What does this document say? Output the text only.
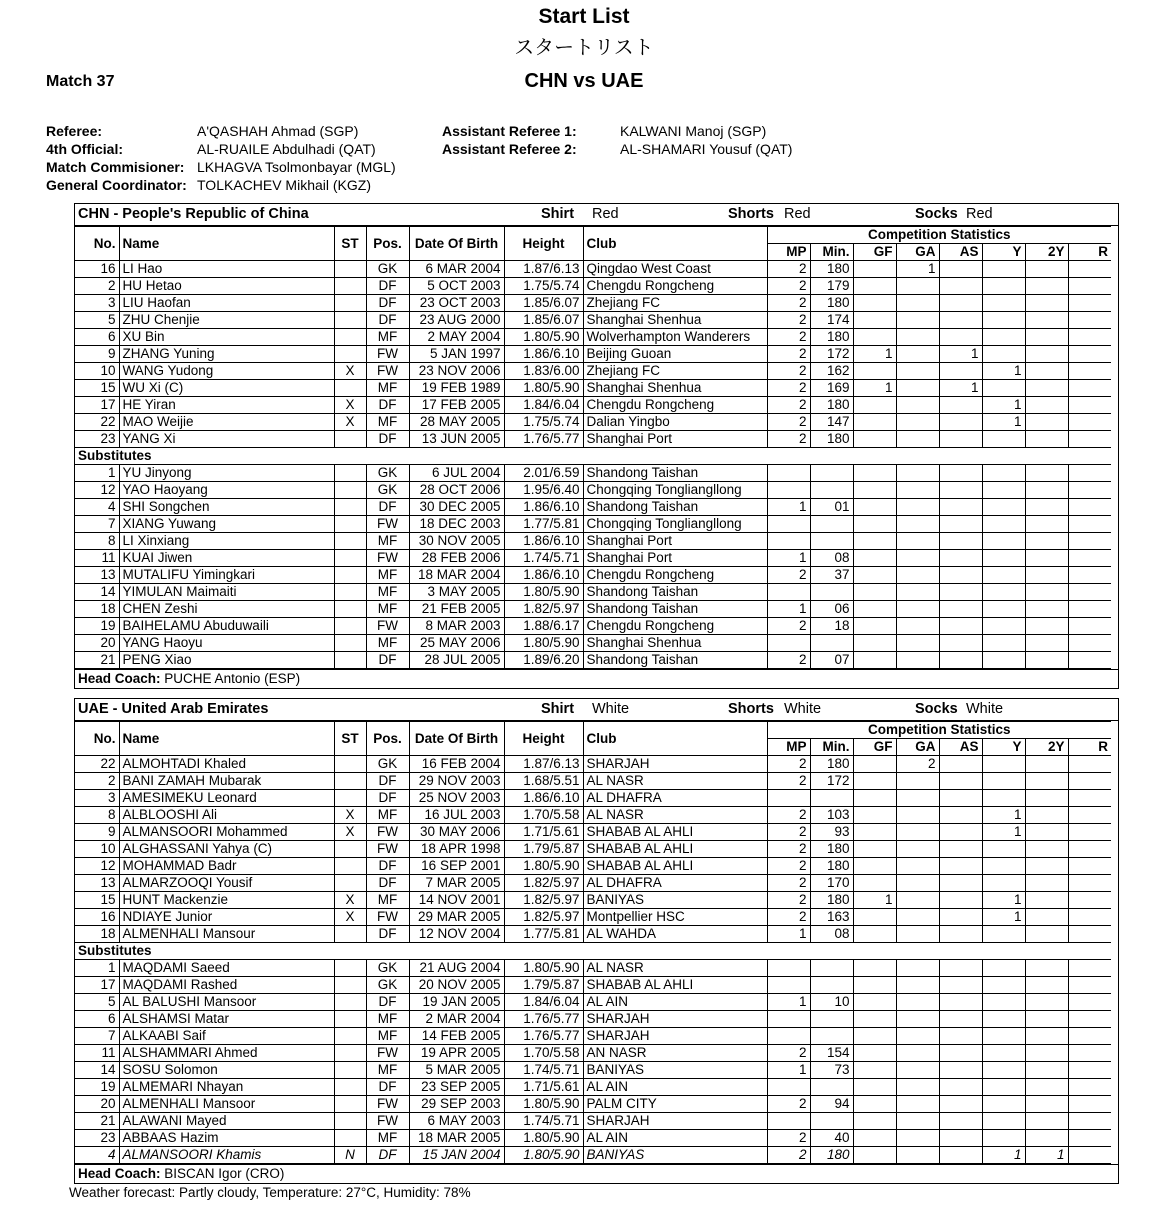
Start List
スタートリスト
Match 37	CHN vs UAE
Referee:	A'QASHAH Ahmad (SGP)
4th Official:	AL-RUAILE Abdulhadi (QAT)
Match Commisioner: LKHAGVA Tsolmonbayar (MGL)
General Coordinator: TOLKACHEV Mikhail (KGZ)
Assistant Referee 1:	KALWANI Manoj (SGP)
Assistant Referee 2:	AL-SHAMARI Yousuf (QAT)
CHN - People's Republic of China	Shirt Red	Shorts Red	Socks Red
No.	Name	ST	Pos.	Date Of Birth	Height	Club	Competition Statistics							
							MP	Min.	GF	GA	AS	Y	2Y	R
16	LI Hao		GK	6 MAR 2004	1.87/6.13	Qingdao West Coast	2	180		1				
2	HU Hetao		DF	5 OCT 2003	1.75/5.74	Chengdu Rongcheng	2	179						
3	LIU Haofan		DF	23 OCT 2003	1.85/6.07	Zhejiang FC	2	180						
5	ZHU Chenjie		DF	23 AUG 2000	1.85/6.07	Shanghai Shenhua	2	174						
6	XU Bin		MF	2 MAY 2004	1.80/5.90	Wolverhampton Wanderers	2	180						
9	ZHANG Yuning		FW	5 JAN 1997	1.86/6.10	Beijing Guoan	2	172	1		1			
10	WANG Yudong	X	FW	23 NOV 2006	1.83/6.00	Zhejiang FC	2	162				1		
15	WU Xi (C)		MF	19 FEB 1989	1.80/5.90	Shanghai Shenhua	2	169	1		1			
17	HE Yiran	X	DF	17 FEB 2005	1.84/6.04	Chengdu Rongcheng	2	180				1		
22	MAO Weijie	X	MF	28 MAY 2005	1.75/5.74	Dalian Yingbo	2	147				1		
23	YANG Xi		DF	13 JUN 2005	1.76/5.77	Shanghai Port	2	180						
Substitutes														
1	YU Jinyong		GK	6 JUL 2004	2.01/6.59	Shandong Taishan								
12	YAO Haoyang		GK	28 OCT 2006	1.95/6.40	Chongqing Tongliangllong								
4	SHI Songchen		DF	30 DEC 2005	1.86/6.10	Shandong Taishan	1	01						
7	XIANG Yuwang		FW	18 DEC 2003	1.77/5.81	Chongqing Tongliangllong								
8	LI Xinxiang		MF	30 NOV 2005	1.86/6.10	Shanghai Port								
11	KUAI Jiwen		FW	28 FEB 2006	1.74/5.71	Shanghai Port	1	08						
13	MUTALIFU Yimingkari		MF	18 MAR 2004	1.86/6.10	Chengdu Rongcheng	2	37						
14	YIMULAN Maimaiti		MF	3 MAY 2005	1.80/5.90	Shandong Taishan								
18	CHEN Zeshi		MF	21 FEB 2005	1.82/5.97	Shandong Taishan	1	06						
19	BAIHELAMU Abuduwaili		FW	8 MAR 2003	1.88/6.17	Chengdu Rongcheng	2	18						
20	YANG Haoyu		MF	25 MAY 2006	1.80/5.90	Shanghai Shenhua								
21	PENG Xiao		DF	28 JUL 2005	1.89/6.20	Shandong Taishan	2	07						
Head Coach: PUCHE Antonio (ESP)
UAE - United Arab Emirates	Shirt White	Shorts White	Socks White
No.	Name	ST	Pos.	Date Of Birth	Height	Club	Competition Statistics							
							MP	Min.	GF	GA	AS	Y	2Y	R
22	ALMOHTADI Khaled		GK	16 FEB 2004	1.87/6.13	SHARJAH	2	180		2				
2	BANI ZAMAH Mubarak		DF	29 NOV 2003	1.68/5.51	AL NASR	2	172						
3	AMESIMEKU Leonard		DF	25 NOV 2003	1.86/6.10	AL DHAFRA								
8	ALBLOOSHI Ali	X	MF	16 JUL 2003	1.70/5.58	AL NASR	2	103				1		
9	ALMANSOORI Mohammed	X	FW	30 MAY 2006	1.71/5.61	SHABAB AL AHLI	2	93				1		
10	ALGHASSANI Yahya (C)		FW	18 APR 1998	1.79/5.87	SHABAB AL AHLI	2	180						
12	MOHAMMAD Badr		DF	16 SEP 2001	1.80/5.90	SHABAB AL AHLI	2	180						
13	ALMARZOOQI Yousif		DF	7 MAR 2005	1.82/5.97	AL DHAFRA	2	170						
15	HUNT Mackenzie	X	MF	14 NOV 2001	1.82/5.97	BANIYAS	2	180	1			1		
16	NDIAYE Junior	X	FW	29 MAR 2005	1.82/5.97	Montpellier HSC	2	163				1		
18	ALMENHALI Mansour		DF	12 NOV 2004	1.77/5.81	AL WAHDA	1	08						
Substitutes														
1	MAQDAMI Saeed		GK	21 AUG 2004	1.80/5.90	AL NASR								
17	MAQDAMI Rashed		GK	20 NOV 2005	1.79/5.87	SHABAB AL AHLI								
5	AL BALUSHI Mansoor		DF	19 JAN 2005	1.84/6.04	AL AIN	1	10						
6	ALSHAMSI Matar		MF	2 MAR 2004	1.76/5.77	SHARJAH								
7	ALKAABI Saif		MF	14 FEB 2005	1.76/5.77	SHARJAH								
11	ALSHAMMARI Ahmed		FW	19 APR 2005	1.70/5.58	AN NASR	2	154						
14	SOSU Solomon		MF	5 MAR 2005	1.74/5.71	BANIYAS	1	73						
19	ALMEMARI Nhayan		DF	23 SEP 2005	1.71/5.61	AL AIN								
20	ALMENHALI Mansoor		FW	29 SEP 2003	1.80/5.90	PALM CITY	2	94						
21	ALAWANI Mayed		FW	6 MAY 2003	1.74/5.71	SHARJAH								
23	ABBAAS Hazim		MF	18 MAR 2005	1.80/5.90	AL AIN	2	40						
4	ALMANSOORI Khamis	N	DF	15 JAN 2004	1.80/5.90	BANIYAS	2	180				1	1	
Head Coach: BISCAN Igor (CRO)
Weather forecast: Partly cloudy, Temperature: 27°C, Humidity: 78%
